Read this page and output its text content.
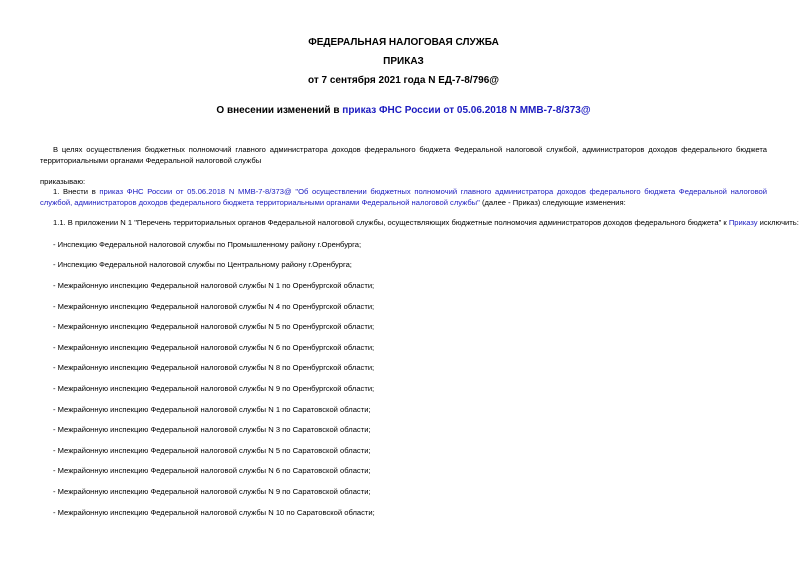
ФЕДЕРАЛЬНАЯ НАЛОГОВАЯ СЛУЖБА
ПРИКАЗ
от 7 сентября 2021 года N ЕД-7-8/796@
О внесении изменений в приказ ФНС России от 05.06.2018 N ММВ-7-8/373@
В целях осуществления бюджетных полномочий главного администратора доходов федерального бюджета Федеральной налоговой службой, администраторов доходов федерального бюджета территориальными органами Федеральной налоговой службы
приказываю:
1. Внести в приказ ФНС России от 05.06.2018 N ММВ-7-8/373@ "Об осуществлении бюджетных полномочий главного администратора доходов федерального бюджета Федеральной налоговой службой, администраторов доходов федерального бюджета территориальными органами Федеральной налоговой службы" (далее - Приказ) следующие изменения:
1.1. В приложении N 1 "Перечень территориальных органов Федеральной налоговой службы, осуществляющих бюджетные полномочия администраторов доходов федерального бюджета" к Приказу исключить:
- Инспекцию Федеральной налоговой службы по Промышленному району г.Оренбурга;
- Инспекцию Федеральной налоговой службы по Центральному району г.Оренбурга;
- Межрайонную инспекцию Федеральной налоговой службы N 1 по Оренбургской области;
- Межрайонную инспекцию Федеральной налоговой службы N 4 по Оренбургской области;
- Межрайонную инспекцию Федеральной налоговой службы N 5 по Оренбургской области;
- Межрайонную инспекцию Федеральной налоговой службы N 6 по Оренбургской области;
- Межрайонную инспекцию Федеральной налоговой службы N 8 по Оренбургской области;
- Межрайонную инспекцию Федеральной налоговой службы N 9 по Оренбургской области;
- Межрайонную инспекцию Федеральной налоговой службы N 1 по Саратовской области;
- Межрайонную инспекцию Федеральной налоговой службы N 3 по Саратовской области;
- Межрайонную инспекцию Федеральной налоговой службы N 5 по Саратовской области;
- Межрайонную инспекцию Федеральной налоговой службы N 6 по Саратовской области;
- Межрайонную инспекцию Федеральной налоговой службы N 9 по Саратовской области;
- Межрайонную инспекцию Федеральной налоговой службы N 10 по Саратовской области;
